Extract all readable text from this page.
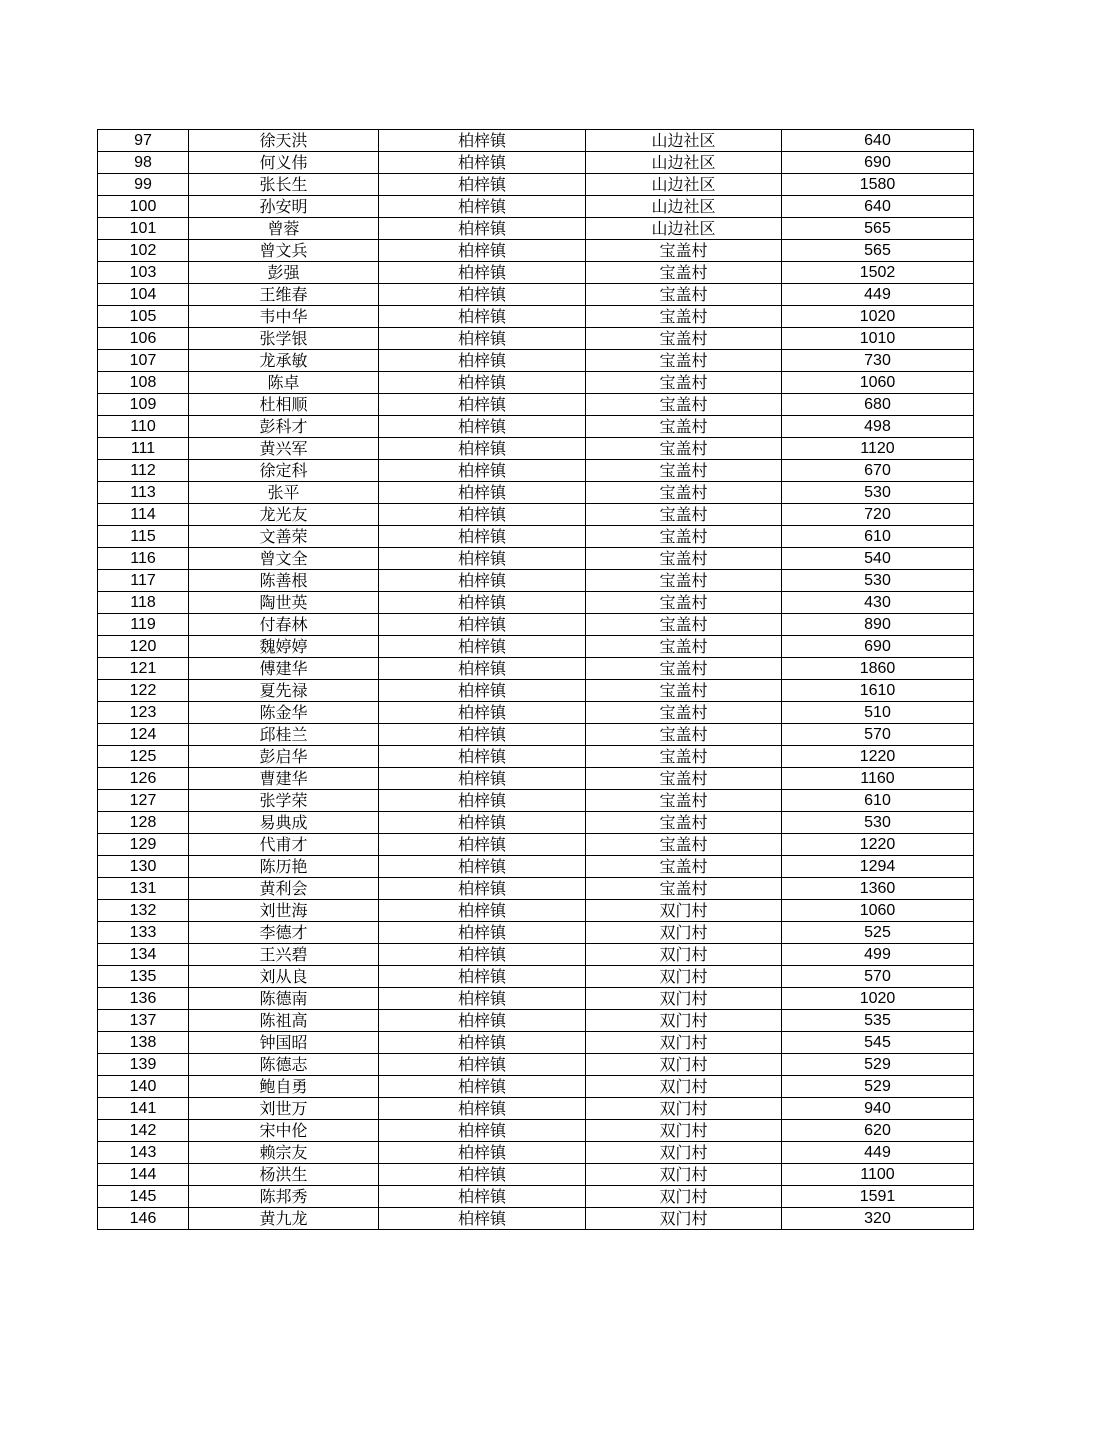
97	徐天洪	柏梓镇	山边社区	640
98	何义伟	柏梓镇	山边社区	690
99	张长生	柏梓镇	山边社区	1580
100	孙安明	柏梓镇	山边社区	640
101	曾蓉	柏梓镇	山边社区	565
102	曾文兵	柏梓镇	宝盖村	565
103	彭强	柏梓镇	宝盖村	1502
104	王维春	柏梓镇	宝盖村	449
105	韦中华	柏梓镇	宝盖村	1020
106	张学银	柏梓镇	宝盖村	1010
107	龙承敏	柏梓镇	宝盖村	730
108	陈卓	柏梓镇	宝盖村	1060
109	杜相顺	柏梓镇	宝盖村	680
110	彭科才	柏梓镇	宝盖村	498
111	黄兴军	柏梓镇	宝盖村	1120
112	徐定科	柏梓镇	宝盖村	670
113	张平	柏梓镇	宝盖村	530
114	龙光友	柏梓镇	宝盖村	720
115	文善荣	柏梓镇	宝盖村	610
116	曾文全	柏梓镇	宝盖村	540
117	陈善根	柏梓镇	宝盖村	530
118	陶世英	柏梓镇	宝盖村	430
119	付春林	柏梓镇	宝盖村	890
120	魏婷婷	柏梓镇	宝盖村	690
121	傅建华	柏梓镇	宝盖村	1860
122	夏先禄	柏梓镇	宝盖村	1610
123	陈金华	柏梓镇	宝盖村	510
124	邱桂兰	柏梓镇	宝盖村	570
125	彭启华	柏梓镇	宝盖村	1220
126	曹建华	柏梓镇	宝盖村	1160
127	张学荣	柏梓镇	宝盖村	610
128	易典成	柏梓镇	宝盖村	530
129	代甫才	柏梓镇	宝盖村	1220
130	陈历艳	柏梓镇	宝盖村	1294
131	黄利会	柏梓镇	宝盖村	1360
132	刘世海	柏梓镇	双门村	1060
133	李德才	柏梓镇	双门村	525
134	王兴碧	柏梓镇	双门村	499
135	刘从良	柏梓镇	双门村	570
136	陈德南	柏梓镇	双门村	1020
137	陈祖高	柏梓镇	双门村	535
138	钟国昭	柏梓镇	双门村	545
139	陈德志	柏梓镇	双门村	529
140	鲍自勇	柏梓镇	双门村	529
141	刘世万	柏梓镇	双门村	940
142	宋中伦	柏梓镇	双门村	620
143	赖宗友	柏梓镇	双门村	449
144	杨洪生	柏梓镇	双门村	1100
145	陈邦秀	柏梓镇	双门村	1591
146	黄九龙	柏梓镇	双门村	320
